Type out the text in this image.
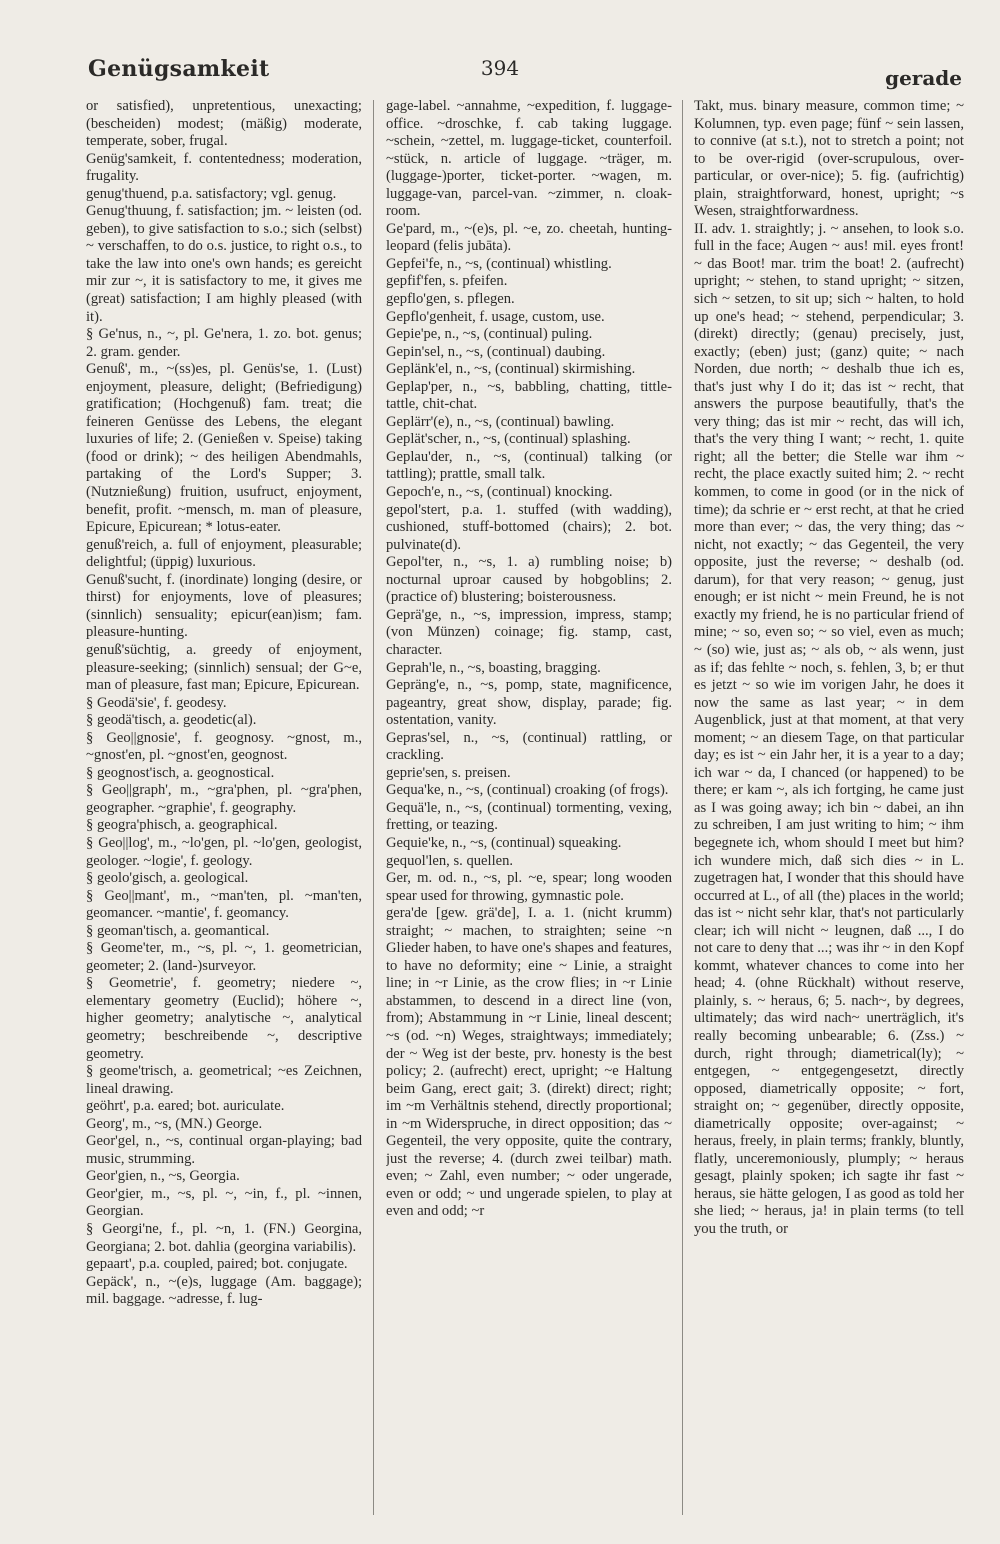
Genügsamkeit	394	gerade

or satisfied), unpretentious, unexacting; (bescheiden) modest; (mäßig) moderate, temperate, sober, frugal.

Genüg'samkeit, f. contentedness; moderation, frugality.

genug'thuend, p.a. satisfactory; vgl. genug.

Genug'thuung, f. satisfaction; jm. ~ leisten (od. geben), to give satisfaction to s.o.; sich (selbst) ~ verschaffen, to do o.s. justice, to right o.s., to take the law into one's own hands; es gereicht mir zur ~, it is satisfactory to me, it gives me (great) satisfaction; I am highly pleased (with it).

§ Ge'nus, n., ~, pl. Ge'nera, 1. zo. bot. genus; 2. gram. gender.

Genuß', m., ~(ss)es, pl. Genüs'se, 1. (Lust) enjoyment, pleasure, delight; (Befriedigung) gratification; (Hochgenuß) fam. treat; die feineren Genüsse des Lebens, the elegant luxuries of life; 2. (Genießen v. Speise) taking (food or drink); ~ des heiligen Abendmahls, partaking of the Lord's Supper; 3. (Nutznießung) fruition, usufruct, enjoyment, benefit, profit. ~mensch, m. man of pleasure, Epicure, Epicurean; * lotus-eater.

genuß'reich, a. full of enjoyment, pleasurable; delightful; (üppig) luxurious.

Genuß'sucht, f. (inordinate) longing (desire, or thirst) for enjoyments, love of pleasures; (sinnlich) sensuality; epicur(ean)ism; fam. pleasure-hunting.

genuß'süchtig, a. greedy of enjoyment, pleasure-seeking; (sinnlich) sensual; der G~e, man of pleasure, fast man; Epicure, Epicurean.

§ Geodä'sie', f. geodesy.

§ geodä'tisch, a. geodetic(al).

§ Geo||gnosie', f. geognosy. ~gnost, m., ~gnost'en, pl. ~gnost'en, geognost.

§ geognost'isch, a. geognostical.

§ Geo||graph', m., ~gra'phen, pl. ~gra'phen, geographer. ~graphie', f. geography.

§ geogra'phisch, a. geographical.

§ Geo||log', m., ~lo'gen, pl. ~lo'gen, geologist, geologer. ~logie', f. geology.

§ geolo'gisch, a. geological.

§ Geo||mant', m., ~man'ten, pl. ~man'ten, geomancer. ~mantie', f. geomancy.

§ geoman'tisch, a. geomantical.

§ Geome'ter, m., ~s, pl. ~, 1. geometrician, geometer; 2. (land-)surveyor.

§ Geometrie', f. geometry; niedere ~, elementary geometry (Euclid); höhere ~, higher geometry; analytische ~, analytical geometry; beschreibende ~, descriptive geometry.

§ geome'trisch, a. geometrical; ~es Zeichnen, lineal drawing.

geöhrt', p.a. eared; bot. auriculate.

Georg', m., ~s, (MN.) George.

Geor'gel, n., ~s, continual organ-playing; bad music, strumming.

Geor'gien, n., ~s, Georgia.

Geor'gier, m., ~s, pl. ~, ~in, f., pl. ~innen, Georgian.

§ Georgi'ne, f., pl. ~n, 1. (FN.) Georgina, Georgiana; 2. bot. dahlia (georgina variabilis).

gepaart', p.a. coupled, paired; bot. conjugate.

Gepäck', n., ~(e)s, luggage (Am. baggage); mil. baggage. ~adresse, f. lug-

gage-label. ~annahme, ~expedition, f. luggage-office. ~droschke, f. cab taking luggage. ~schein, ~zettel, m. luggage-ticket, counterfoil. ~stück, n. article of luggage. ~träger, m. (luggage-)porter, ticket-porter. ~wagen, m. luggage-van, parcel-van. ~zimmer, n. cloak-room.

Ge'pard, m., ~(e)s, pl. ~e, zo. cheetah, hunting-leopard (felis jubāta).

Gepfei'fe, n., ~s, (continual) whistling.

gepfif'fen, s. pfeifen.

gepflo'gen, s. pflegen.

Gepflo'genheit, f. usage, custom, use.

Gepie'pe, n., ~s, (continual) puling.

Gepin'sel, n., ~s, (continual) daubing.

Geplänk'el, n., ~s, (continual) skirmishing.

Geplap'per, n., ~s, babbling, chatting, tittle-tattle, chit-chat.

Geplärr'(e), n., ~s, (continual) bawling.

Geplät'scher, n., ~s, (continual) splashing.

Geplau'der, n., ~s, (continual) talking (or tattling); prattle, small talk.

Gepoch'e, n., ~s, (continual) knocking.

gepol'stert, p.a. 1. stuffed (with wadding), cushioned, stuff-bottomed (chairs); 2. bot. pulvinate(d).

Gepol'ter, n., ~s, 1. a) rumbling noise; b) nocturnal uproar caused by hobgoblins; 2. (practice of) blustering; boisterousness.

Geprä'ge, n., ~s, impression, impress, stamp; (von Münzen) coinage; fig. stamp, cast, character.

Geprah'le, n., ~s, boasting, bragging.

Gepräng'e, n., ~s, pomp, state, magnificence, pageantry, great show, display, parade; fig. ostentation, vanity.

Gepras'sel, n., ~s, (continual) rattling, or crackling.

geprie'sen, s. preisen.

Gequa'ke, n., ~s, (continual) croaking (of frogs).

Gequä'le, n., ~s, (continual) tormenting, vexing, fretting, or teazing.

Gequie'ke, n., ~s, (continual) squeaking.

gequol'len, s. quellen.

Ger, m. od. n., ~s, pl. ~e, spear; long wooden spear used for throwing, gymnastic pole.

gera'de [gew. grä'de], I. a. 1. (nicht krumm) straight; ~ machen, to straighten; seine ~n Glieder haben, to have one's shapes and features, to have no deformity; eine ~ Linie, a straight line; in ~r Linie, as the crow flies; in ~r Linie abstammen, to descend in a direct line (von, from); Abstammung in ~r Linie, lineal descent; ~s (od. ~n) Weges, straightways; immediately; der ~ Weg ist der beste, prv. honesty is the best policy; 2. (aufrecht) erect, upright; ~e Haltung beim Gang, erect gait; 3. (direkt) direct; right; im ~m Verhältnis stehend, directly proportional; in ~m Widerspruche, in direct opposition; das ~ Gegenteil, the very opposite, quite the contrary, just the reverse; 4. (durch zwei teilbar) math. even; ~ Zahl, even number; ~ oder ungerade, even or odd; ~ und ungerade spielen, to play at even and odd; ~r

Takt, mus. binary measure, common time; ~ Kolumnen, typ. even page; fünf ~ sein lassen, to connive (at s.t.), not to stretch a point; not to be over-rigid (over-scrupulous, over-particular, or over-nice); 5. fig. (aufrichtig) plain, straightforward, honest, upright; ~s Wesen, straightforwardness.

II. adv. 1. straightly; j. ~ ansehen, to look s.o. full in the face; Augen ~ aus! mil. eyes front! ~ das Boot! mar. trim the boat! 2. (aufrecht) upright; ~ stehen, to stand upright; ~ sitzen, sich ~ setzen, to sit up; sich ~ halten, to hold up one's head; ~ stehend, perpendicular; 3. (direkt) directly; (genau) precisely, just, exactly; (eben) just; (ganz) quite; ~ nach Norden, due north; ~ deshalb thue ich es, that's just why I do it; das ist ~ recht, that answers the purpose beautifully, that's the very thing; das ist mir ~ recht, das will ich, that's the very thing I want; ~ recht, 1. quite right; all the better; die Stelle war ihm ~ recht, the place exactly suited him; 2. ~ recht kommen, to come in good (or in the nick of time); da schrie er ~ erst recht, at that he cried more than ever; ~ das, the very thing; das ~ nicht, not exactly; ~ das Gegenteil, the very opposite, just the reverse; ~ deshalb (od. darum), for that very reason; ~ genug, just enough; er ist nicht ~ mein Freund, he is not exactly my friend, he is no particular friend of mine; ~ so, even so; ~ so viel, even as much; ~ (so) wie, just as; ~ als ob, ~ als wenn, just as if; das fehlte ~ noch, s. fehlen, 3, b; er thut es jetzt ~ so wie im vorigen Jahr, he does it now the same as last year; ~ in dem Augenblick, just at that moment, at that very moment; ~ an diesem Tage, on that particular day; es ist ~ ein Jahr her, it is a year to a day; ich war ~ da, I chanced (or happened) to be there; er kam ~, als ich fortging, he came just as I was going away; ich bin ~ dabei, an ihn zu schreiben, I am just writing to him; ~ ihm begegnete ich, whom should I meet but him? ich wundere mich, daß sich dies ~ in L. zugetragen hat, I wonder that this should have occurred at L., of all (the) places in the world; das ist ~ nicht sehr klar, that's not particularly clear; ich will nicht ~ leugnen, daß ..., I do not care to deny that ...; was ihr ~ in den Kopf kommt, whatever chances to come into her head; 4. (ohne Rückhalt) without reserve, plainly, s. ~ heraus, 6; 5. nach~, by degrees, ultimately; das wird nach~ unerträglich, it's really becoming unbearable; 6. (Zss.) ~ durch, right through; diametrical(ly); ~ entgegen, ~ entgegengesetzt, directly opposed, diametrically opposite; ~ fort, straight on; ~ gegenüber, directly opposite, diametrically opposite; over-against; ~ heraus, freely, in plain terms; frankly, bluntly, flatly, unceremoniously, plumply; ~ heraus gesagt, plainly spoken; ich sagte ihr fast ~ heraus, sie hätte gelogen, I as good as told her she lied; ~ heraus, ja! in plain terms (to tell you the truth, or
